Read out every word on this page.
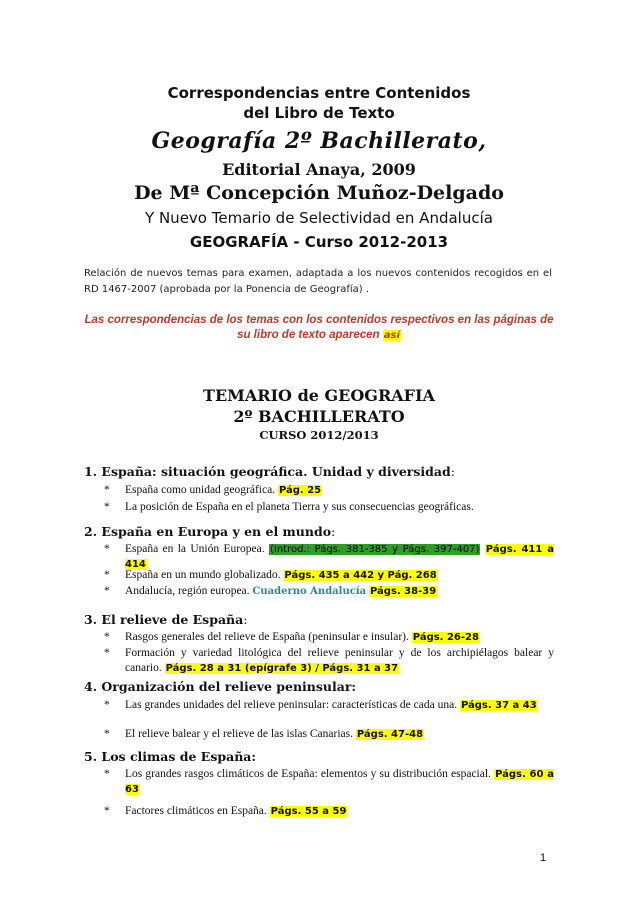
Correspondencias entre Contenidos
del Libro de Texto
Geografía 2º Bachillerato,
Editorial Anaya, 2009
De Mª Concepción Muñoz-Delgado
Y Nuevo Temario de Selectividad en Andalucía
GEOGRAFÍA - Curso 2012-2013
Relación de nuevos temas para examen, adaptada a los nuevos contenidos recogidos en el RD 1467-2007 (aprobada por la Ponencia de Geografía) .
Las correspondencias de los temas con los contenidos respectivos en las páginas de su libro de texto aparecen así
TEMARIO de GEOGRAFIA
2º BACHILLERATO
CURSO 2012/2013
1. España: situación geográfica. Unidad y diversidad:
*	España como unidad geográfica. Pág. 25
*	La posición de España en el planeta Tierra y sus consecuencias geográficas.
2. España en Europa y en el mundo:
*	España en la Unión Europea. (Introd.: Págs. 381-385 y Págs. 397-407) Págs. 411 a 414
*	España en un mundo globalizado. Págs. 435 a 442 y Pág. 268
*	Andalucía, región europea. Cuaderno Andalucía Págs. 38-39
3. El relieve de España:
*	Rasgos generales del relieve de España (peninsular e insular). Págs. 26-28
*	Formación y variedad litológica del relieve peninsular y de los archipiélagos balear y canario. Págs. 28 a 31 (epígrafe 3) / Págs. 31 a 37
4. Organización del relieve peninsular:
*	Las grandes unidades del relieve peninsular: características de cada una. Págs. 37 a 43
*	El relieve balear y el relieve de las islas Canarias. Págs. 47-48
5. Los climas de España:
*	Los grandes rasgos climáticos de España: elementos y su distribución espacial. Págs. 60 a 63
*	Factores climáticos en España. Págs. 55 a 59
1
